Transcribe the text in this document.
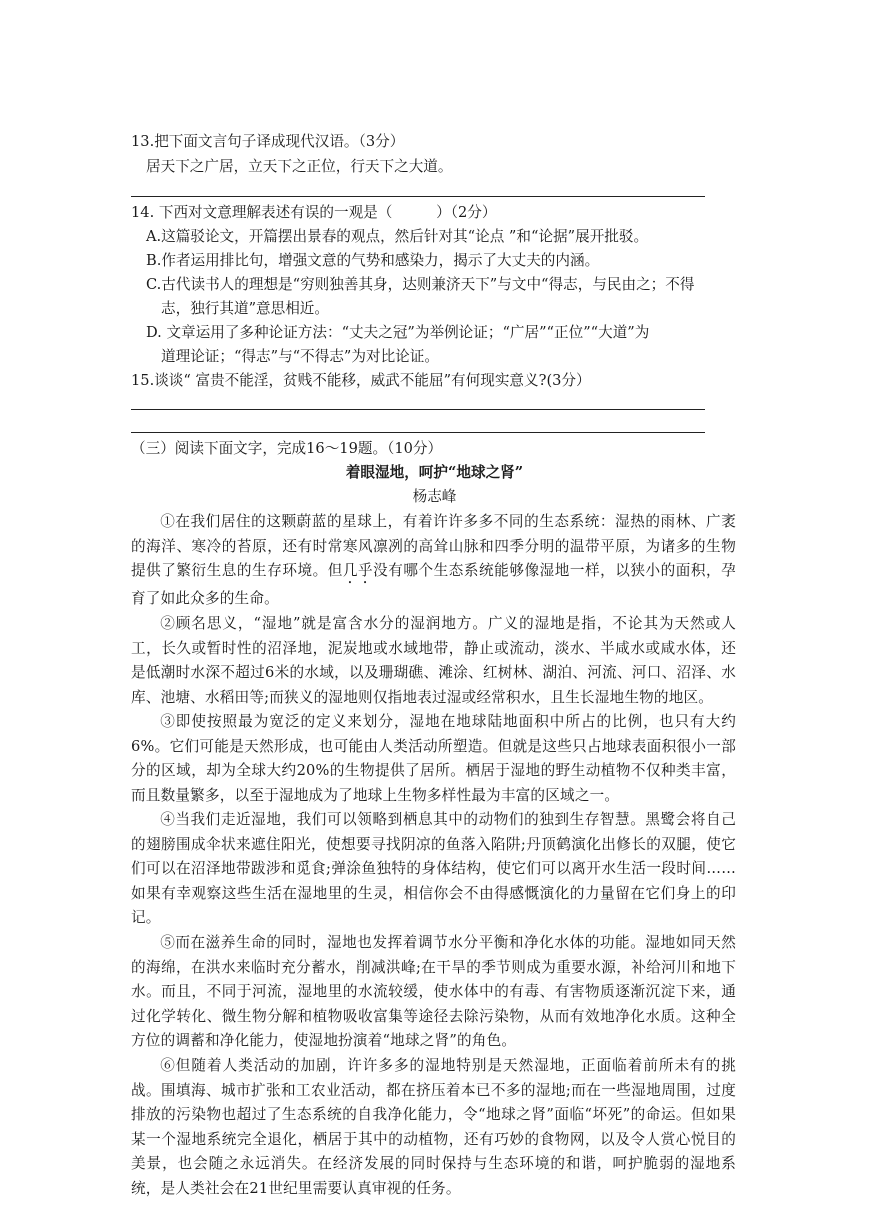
13.把下面文言句子译成现代汉语。（3分）
居天下之广居，立天下之正位，行天下之大道。
14. 下西对文意理解表述有误的一观是（　　　）（2分）
A.这篇驳论文，开篇摆出景春的观点，然后针对其“论点 ”和“论据”展开批驳。
B.作者运用排比句，增强文意的气势和感染力，揭示了大丈夫的内涵。
C.古代读书人的理想是“穷则独善其身，达则兼济天下”与文中“得志，与民由之；不得
志，独行其道”意思相近。
D. 文章运用了多种论证方法：“丈夫之冠”为举例论证；“广居”“正位”“大道”为
道理论证；“得志”与“不得志”为对比论证。
15.谈谈“ 富贵不能淫，贫贱不能移，威武不能屈”有何现实意义?(3分）
（三）阅读下面文字，完成16～19题。（10分）
着眼湿地，呵护“地球之肾”
杨志峰
①在我们居住的这颗蔚蓝的星球上，有着许许多多不同的生态系统：湿热的雨林、广袤的海洋、寒冷的苔原，还有时常寒风凛冽的高耸山脉和四季分明的温带平原，为诸多的生物提供了繁衍生息的生存环境。但几乎没有哪个生态系统能够像湿地一样，以狭小的面积，孕育了如此众多的生命。
②顾名思义，“湿地”就是富含水分的湿润地方。广义的湿地是指，不论其为天然或人工，长久或暂时性的沼泽地，泥炭地或水域地带，静止或流动，淡水、半咸水或咸水体，还是低潮时水深不超过6米的水域，以及珊瑚礁、滩涂、红树林、湖泊、河流、河口、沼泽、水库、池塘、水稻田等;而狭义的湿地则仅指地表过湿或经常积水，且生长湿地生物的地区。
③即使按照最为宽泛的定义来划分，湿地在地球陆地面积中所占的比例，也只有大约6%。它们可能是天然形成，也可能由人类活动所塑造。但就是这些只占地球表面积很小一部分的区域，却为全球大约20%的生物提供了居所。栖居于湿地的野生动植物不仅种类丰富，而且数量繁多，以至于湿地成为了地球上生物多样性最为丰富的区域之一。
④当我们走近湿地，我们可以领略到栖息其中的动物们的独到生存智慧。黑鹭会将自己的翅膀围成伞状来遮住阳光，使想要寻找阴凉的鱼落入陷阱;丹顶鹤演化出修长的双腿，使它们可以在沼泽地带跋涉和觅食;弹涂鱼独特的身体结构，使它们可以离开水生活一段时间……如果有幸观察这些生活在湿地里的生灵，相信你会不由得感慨演化的力量留在它们身上的印记。
⑤而在滋养生命的同时，湿地也发挥着调节水分平衡和净化水体的功能。湿地如同天然的海绵，在洪水来临时充分蓄水，削减洪峰;在干旱的季节则成为重要水源，补给河川和地下水。而且，不同于河流，湿地里的水流较缓，使水体中的有毒、有害物质逐渐沉淀下来，通过化学转化、微生物分解和植物吸收富集等途径去除污染物，从而有效地净化水质。这种全方位的调蓄和净化能力，使湿地扮演着“地球之肾”的角色。
⑥但随着人类活动的加剧，许许多多的湿地特别是天然湿地，正面临着前所未有的挑战。围填海、城市扩张和工农业活动，都在挤压着本已不多的湿地;而在一些湿地周围，过度排放的污染物也超过了生态系统的自我净化能力，令“地球之肾”面临“坏死”的命运。但如果某一个湿地系统完全退化，栖居于其中的动植物，还有巧妙的食物网，以及令人赏心悦目的美景，也会随之永远消失。在经济发展的同时保持与生态环境的和谐，呵护脆弱的湿地系统，是人类社会在21世纪里需要认真审视的任务。
